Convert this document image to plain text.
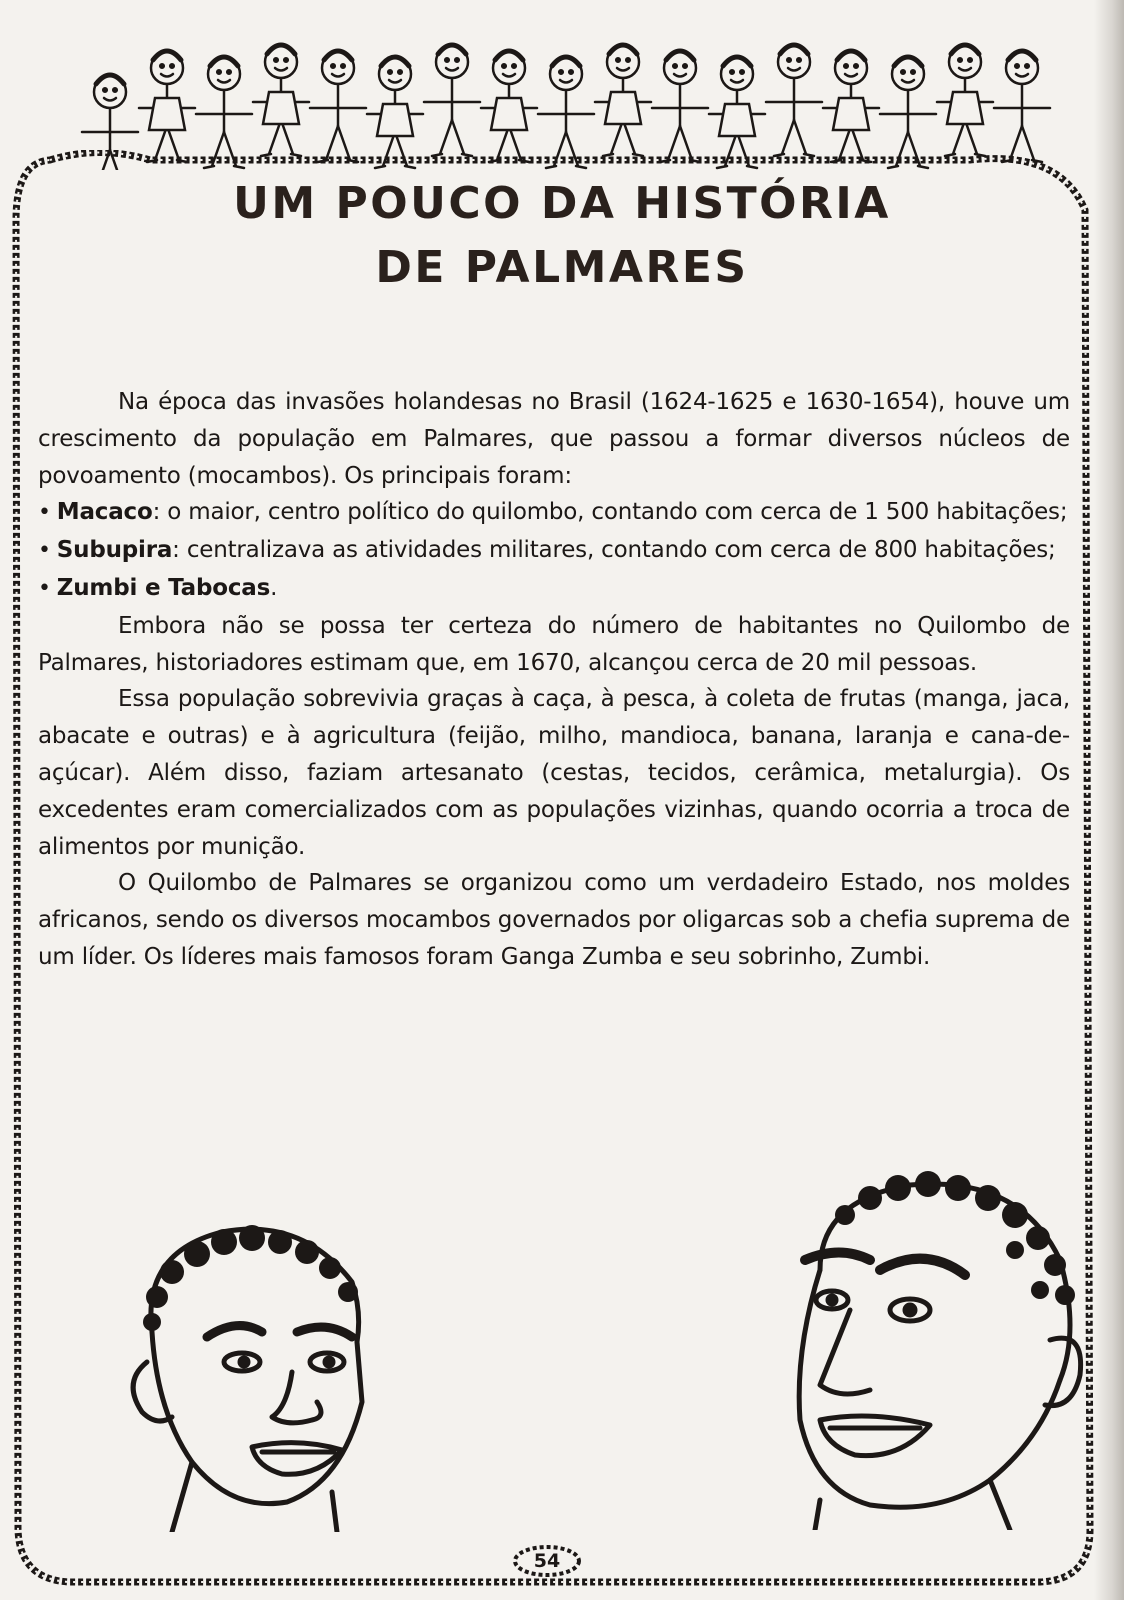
UM POUCO DA HISTÓRIA
DE PALMARES

Na época das invasões holandesas no Brasil (1624-1625 e 1630-1654), houve um crescimento da população em Palmares, que passou a formar diversos núcleos de povoamento (mocambos). Os principais foram:

• Macaco: o maior, centro político do quilombo, contando com cerca de 1 500 habitações;

• Subupira: centralizava as atividades militares, contando com cerca de 800 habitações;

• Zumbi e Tabocas.

Embora não se possa ter certeza do número de habitantes no Quilombo de Palmares, historiadores estimam que, em 1670, alcançou cerca de 20 mil pessoas.

Essa população sobrevivia graças à caça, à pesca, à coleta de frutas (manga, jaca, abacate e outras) e à agricultura (feijão, milho, mandioca, banana, laranja e cana-de-açúcar). Além disso, faziam artesanato (cestas, tecidos, cerâmica, metalurgia). Os excedentes eram comercializados com as populações vizinhas, quando ocorria a troca de alimentos por munição.

O Quilombo de Palmares se organizou como um verdadeiro Estado, nos moldes africanos, sendo os diversos mocambos governados por oligarcas sob a chefia suprema de um líder. Os líderes mais famosos foram Ganga Zumba e seu sobrinho, Zumbi.

54
